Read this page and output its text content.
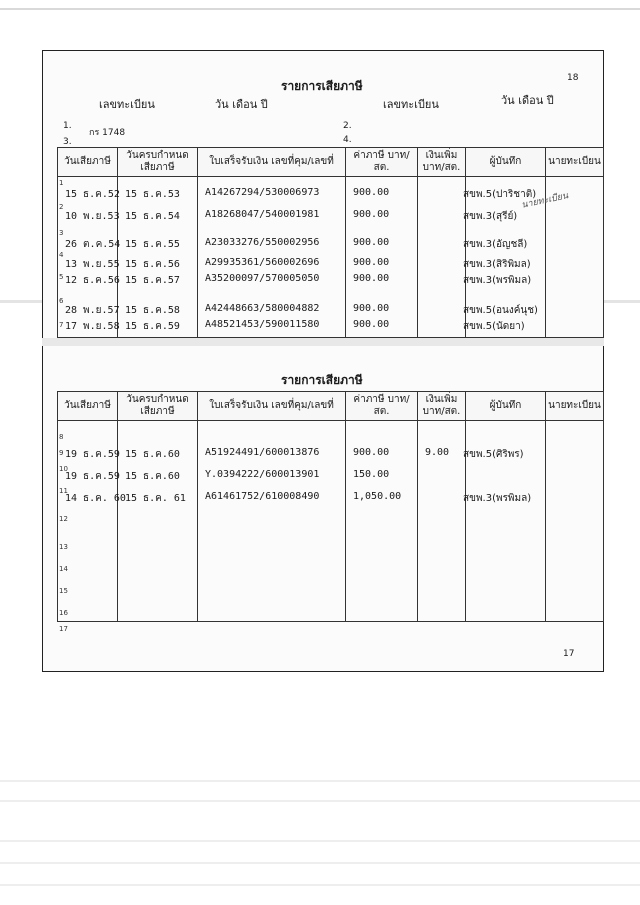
18
รายการเสียภาษี
เลขทะเบียน	วัน เดือน ปี	เลขทะเบียน	วัน เดือน ปี
1.
กร 1748
2.
3.	4.
วันเสียภาษี	วันครบกำหนด เสียภาษี	ใบเสร็จรับเงิน เลขที่คุม/เลขที่	ค่าภาษี บาท/สต.	เงินเพิ่ม บาท/สต.	ผู้บันทึก	นายทะเบียน

15 ธ.ค.52 15 ธ.ค.53	A14267294/530006973	900.00	สขพ.5(ปาริชาติ)
10 พ.ย.53 15 ธ.ค.54	A18268047/540001981	900.00	สขพ.3(สุรีย์)
26 ต.ค.54 15 ธ.ค.55	A23033276/550002956	900.00	สขพ.3(อัญชลี)
13 พ.ย.55 15 ธ.ค.56	A29935361/560002696	900.00	สขพ.3(สิริพิมล)
12 ธ.ค.56 15 ธ.ค.57	A35200097/570005050	900.00	สขพ.3(พรพิมล)
28 พ.ย.57 15 ธ.ค.58	A42448663/580004882	900.00	สขพ.5(อนงค์นุช)
17 พ.ย.58 15 ธ.ค.59	A48521453/590011580	900.00	สขพ.5(นัดยา)
1
2
3
4
5
6
7
นายทะเบียน
รายการเสียภาษี
วันเสียภาษี	วันครบกำหนด เสียภาษี	ใบเสร็จรับเงิน เลขที่คุม/เลขที่	ค่าภาษี บาท/สต.	เงินเพิ่ม บาท/สต.	ผู้บันทึก	นายทะเบียน

19 ธ.ค.59 15 ธ.ค.60	A51924491/600013876	900.00	9.00 สขพ.5(ศิริพร)
19 ธ.ค.59 15 ธ.ค.60	Y.0394222/600013901	150.00
14 ธ.ค. 60 15 ธ.ค. 61 A61461752/610008490	1,050.00	สขพ.3(พรพิมล)
8
9
10
11
12
13
14
15
16
17
17
